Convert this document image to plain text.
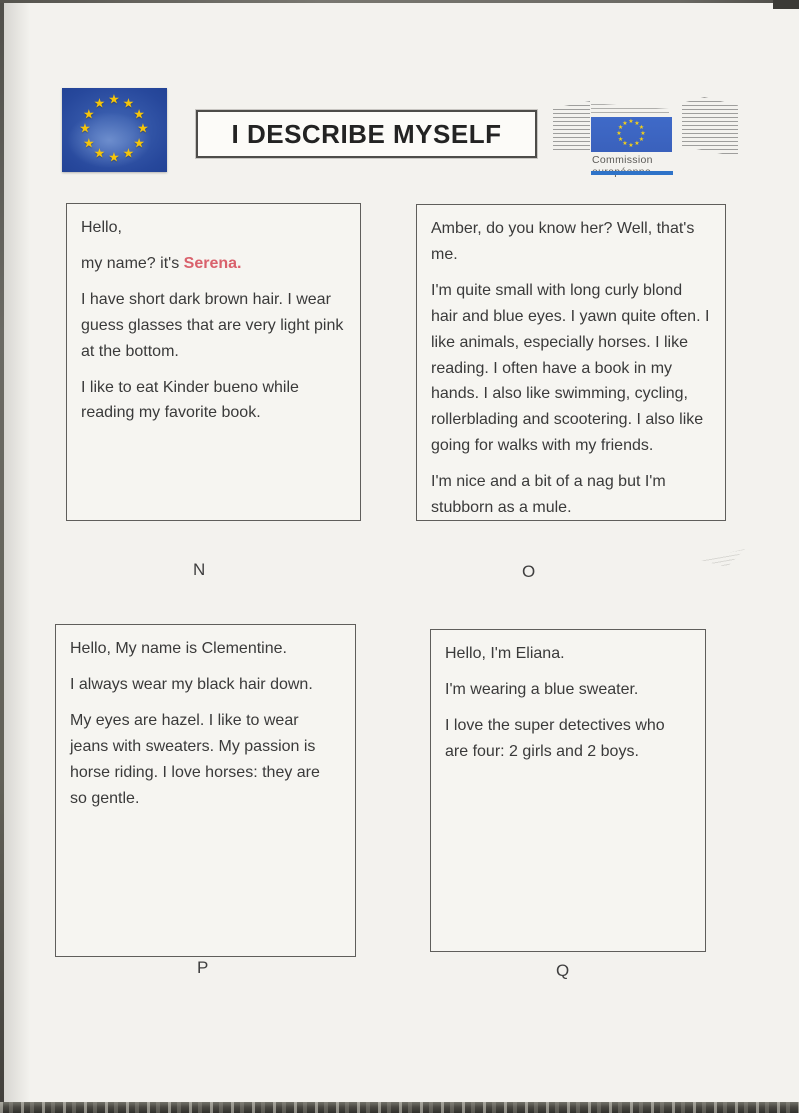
★ ★
★
★
★
★
★
★
★
★
★
★
I DESCRIBE MYSELF	★ ★
★
★
★
★
★
★
★
★
★
★
Commission

Hello,

my name? it's Serena.

I have short dark brown hair. I wear guess glasses that are very light pink at the bottom.

I like to eat Kinder bueno while reading my favorite book.

Amber, do you know her? Well, that's me.

I'm quite small with long curly blond hair and blue eyes. I yawn quite often. I like animals, especially horses. I like reading. I often have a book in my hands. I also like swimming, cycling, rollerblading and scootering. I also like going for walks with my friends.

I'm nice and a bit of a nag but I'm stubborn as a mule.

Hello, My name is Clementine.

I always wear my black hair down.

My eyes are hazel. I like to wear jeans with sweaters. My passion is horse riding. I love horses: they are so gentle.

Hello, I'm Eliana.

I'm wearing a blue sweater.

I love the super detectives who are four: 2 girls and 2 boys.

N	O
P	Q
